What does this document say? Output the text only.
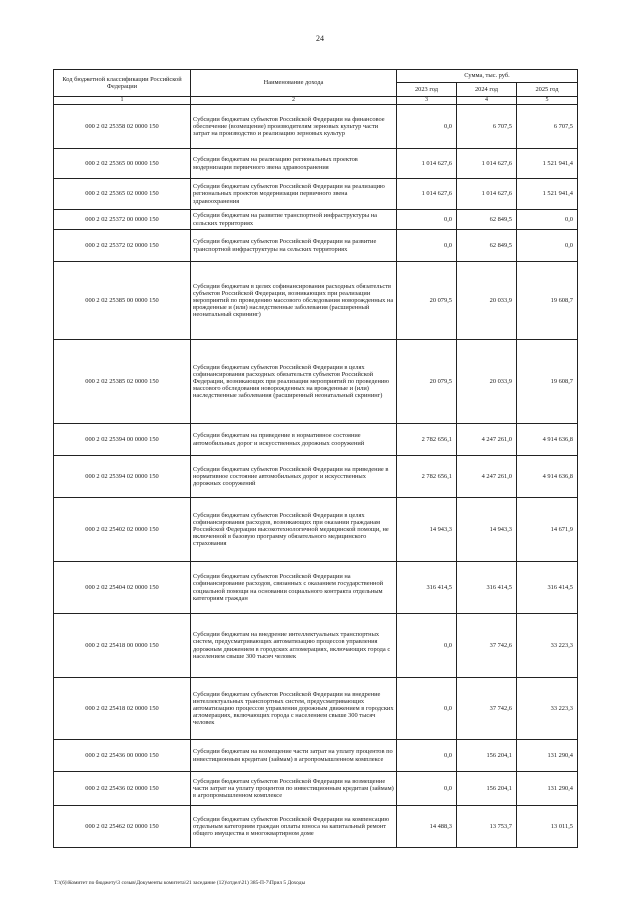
24
Код бюджетной классификации Российской Федерации	Наименование дохода	Сумма, тыс. руб.		
		2023 год	2024 год	2025 год
1	2	3	4	5
000 2 02 25358 02 0000 150	Субсидии бюджетам субъектов Российской Федерации на финансовое обеспечение (возмещение) производителям зерновых культур части затрат на производство и реализацию зерновых культур	0,0	6 707,5	6 707,5
000 2 02 25365 00 0000 150	Субсидии бюджетам на реализацию региональных проектов модернизации первичного звена здравоохранения	1 014 627,6	1 014 627,6	1 521 941,4
000 2 02 25365 02 0000 150	Субсидии бюджетам субъектов Российской Федерации на реализацию региональных проектов модернизации первичного звена здравоохранения	1 014 627,6	1 014 627,6	1 521 941,4
000 2 02 25372 00 0000 150	Субсидии бюджетам на развитие транспортной инфраструктуры на сельских территориях	0,0	62 849,5	0,0
000 2 02 25372 02 0000 150	Субсидии бюджетам субъектов Российской Федерации на развитие транспортной инфраструктуры на сельских территориях	0,0	62 849,5	0,0
000 2 02 25385 00 0000 150	Субсидии бюджетам в целях софинансирования расходных обязательств субъектов Российской Федерации, возникающих при реализации мероприятий по проведению массового обследования новорожденных на врожденные и (или) наследственные заболевания (расширенный неонатальный скрининг)	20 079,5	20 033,9	19 608,7
000 2 02 25385 02 0000 150	Субсидии бюджетам субъектов Российской Федерации в целях софинансирования расходных обязательств субъектов Российской Федерации, возникающих при реализации мероприятий по проведению массового обследования новорожденных на врожденные и (или) наследственные заболевания (расширенный неонатальный скрининг)	20 079,5	20 033,9	19 608,7
000 2 02 25394 00 0000 150	Субсидии бюджетам на приведение в нормативное состояние автомобильных дорог и искусственных дорожных сооружений	2 782 656,1	4 247 261,0	4 914 636,8
000 2 02 25394 02 0000 150	Субсидии бюджетам субъектов Российской Федерации на приведение в нормативное состояние автомобильных дорог и искусственных дорожных сооружений	2 782 656,1	4 247 261,0	4 914 636,8
000 2 02 25402 02 0000 150	Субсидии бюджетам субъектов Российской Федерации в целях софинансирования расходов, возникающих при оказании гражданам Российской Федерации высокотехнологичной медицинской помощи, не включенной в базовую программу обязательного медицинского страхования	14 943,3	14 943,3	14 671,9
000 2 02 25404 02 0000 150	Субсидии бюджетам субъектов Российской Федерации на софинансирование расходов, связанных с оказанием государственной социальной помощи на основании социального контракта отдельным категориям граждан	316 414,5	316 414,5	316 414,5
000 2 02 25418 00 0000 150	Субсидии бюджетам на внедрение интеллектуальных транспортных систем, предусматривающих автоматизацию процессов управления дорожным движением в городских агломерациях, включающих города с населением свыше 300 тысяч человек	0,0	37 742,6	33 223,3
000 2 02 25418 02 0000 150	Субсидии бюджетам субъектов Российской Федерации на внедрение интеллектуальных транспортных систем, предусматривающих автоматизацию процессов управления дорожным движением в городских агломерациях, включающих города с населением свыше 300 тысяч человек	0,0	37 742,6	33 223,3
000 2 02 25436 00 0000 150	Субсидии бюджетам на возмещение части затрат на уплату процентов по инвестиционным кредитам (займам) в агропромышленном комплексе	0,0	156 204,1	131 290,4
000 2 02 25436 02 0000 150	Субсидии бюджетам субъектов Российской Федерации на возмещение части затрат на уплату процентов по инвестиционным кредитам (займам) в агропромышленном комплексе	0,0	156 204,1	131 290,4
000 2 02 25462 02 0000 150	Субсидии бюджетам субъектов Российской Федерации на компенсацию отдельным категориям граждан оплаты взноса на капитальный ремонт общего имущества в многоквартирном доме	14 488,3	13 753,7	13 011,5
Т:\(6)\Комитет по бюджету\3 созыв\Документы комитета\21 заседание (12)\отдел\21) 385-П-7\Прил 5 Доходы
